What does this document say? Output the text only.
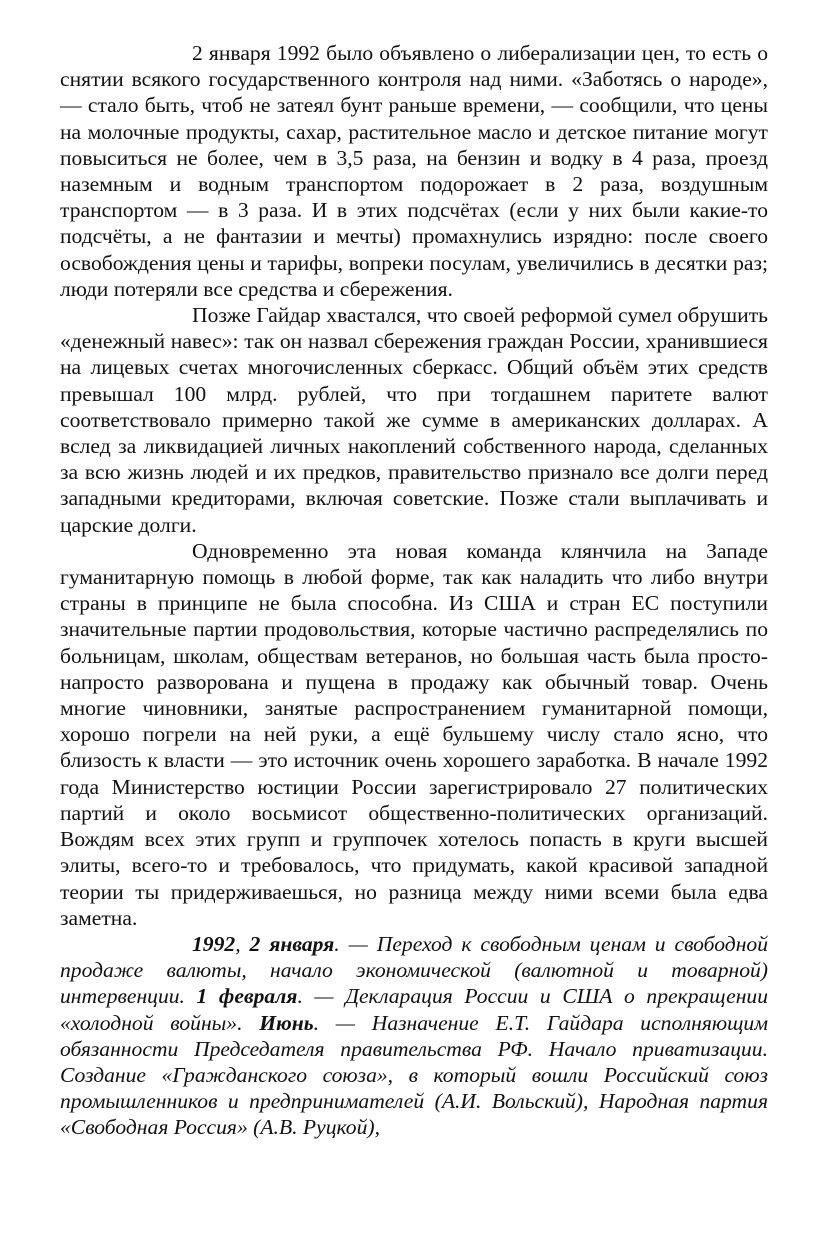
2 января 1992 было объявлено о либерализации цен, то есть о снятии всякого государственного контроля над ними. «Заботясь о народе», — стало быть, чтоб не затеял бунт раньше времени, — сообщили, что цены на молочные продукты, сахар, растительное масло и детское питание могут повыситься не более, чем в 3,5 раза, на бензин и водку в 4 раза, проезд наземным и водным транспортом подорожает в 2 раза, воздушным транспортом — в 3 раза. И в этих подсчётах (если у них были какие-то подсчёты, а не фантазии и мечты) промахнулись изрядно: после своего освобождения цены и тарифы, вопреки посулам, увеличились в десятки раз; люди потеряли все средства и сбережения.

Позже Гайдар хвастался, что своей реформой сумел обрушить «денежный навес»: так он назвал сбережения граждан России, хранившиеся на лицевых счетах многочисленных сберкасс. Общий объём этих средств превышал 100 млрд. рублей, что при тогдашнем паритете валют соответствовало примерно такой же сумме в американских долларах. А вслед за ликвидацией личных накоплений собственного народа, сделанных за всю жизнь людей и их предков, правительство признало все долги перед западными кредиторами, включая советские. Позже стали выплачивать и царские долги.

Одновременно эта новая команда клянчила на Западе гуманитарную помощь в любой форме, так как наладить что либо внутри страны в принципе не была способна. Из США и стран ЕС поступили значительные партии продовольствия, которые частично распределялись по больницам, школам, обществам ветеранов, но большая часть была просто-напросто разворована и пущена в продажу как обычный товар. Очень многие чиновники, занятые распространением гуманитарной помощи, хорошо погрели на ней руки, а ещё бульшему числу стало ясно, что близость к власти — это источник очень хорошего заработка. В начале 1992 года Министерство юстиции России зарегистрировало 27 политических партий и около восьмисот общественно-политических организаций. Вождям всех этих групп и группочек хотелось попасть в круги высшей элиты, всего-то и требовалось, что придумать, какой красивой западной теории ты придерживаешься, но разница между ними всеми была едва заметна.

1992, 2 января. — Переход к свободным ценам и свободной продаже валюты, начало экономической (валютной и товарной) интервенции. 1 февраля. — Декларация России и США о прекращении «холодной войны». Июнь. — Назначение Е.Т. Гайдара исполняющим обязанности Председателя правительства РФ. Начало приватизации. Создание «Гражданского союза», в который вошли Российский союз промышленников и предпринимателей (А.И. Вольский), Народная партия «Свободная Россия» (А.В. Руцкой),
